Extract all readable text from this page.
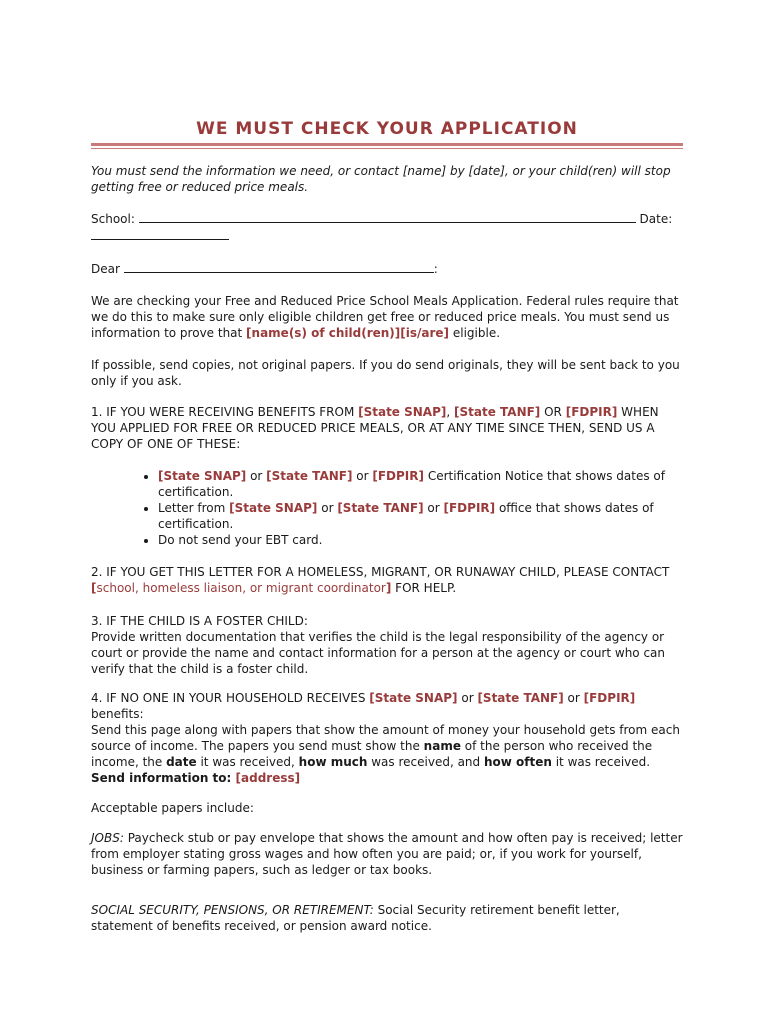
WE MUST CHECK YOUR APPLICATION

You must send the information we need, or contact [name] by [date], or your child(ren) will stop getting free or reduced price meals.

School:	Date:

Dear	:

We are checking your Free and Reduced Price School Meals Application. Federal rules require that we do this to make sure only eligible children get free or reduced price meals. You must send us information to prove that [name(s) of child(ren)][is/are] eligible.

If possible, send copies, not original papers. If you do send originals, they will be sent back to you only if you ask.

1. IF YOU WERE RECEIVING BENEFITS FROM [State SNAP], [State TANF] OR [FDPIR] WHEN YOU APPLIED FOR FREE OR REDUCED PRICE MEALS, OR AT ANY TIME SINCE THEN, SEND US A COPY OF ONE OF THESE:

• [State SNAP] or [State TANF] or [FDPIR] Certification Notice that shows dates of certification.
• Letter from [State SNAP] or [State TANF] or [FDPIR] office that shows dates of certification.
• Do not send your EBT card.

2. IF YOU GET THIS LETTER FOR A HOMELESS, MIGRANT, OR RUNAWAY CHILD, PLEASE CONTACT [school, homeless liaison, or migrant coordinator] FOR HELP.

3. IF THE CHILD IS A FOSTER CHILD:

Provide written documentation that verifies the child is the legal responsibility of the agency or court or provide the name and contact information for a person at the agency or court who can verify that the child is a foster child.

4. IF NO ONE IN YOUR HOUSEHOLD RECEIVES [State SNAP] or [State TANF] or [FDPIR] benefits:

Send this page along with papers that show the amount of money your household gets from each source of income. The papers you send must show the name of the person who received the income, the date it was received, how much was received, and how often it was received. Send information to: [address]

Acceptable papers include:

JOBS: Paycheck stub or pay envelope that shows the amount and how often pay is received; letter from employer stating gross wages and how often you are paid; or, if you work for yourself, business or farming papers, such as ledger or tax books.

SOCIAL SECURITY, PENSIONS, OR RETIREMENT: Social Security retirement benefit letter, statement of benefits received, or pension award notice.
